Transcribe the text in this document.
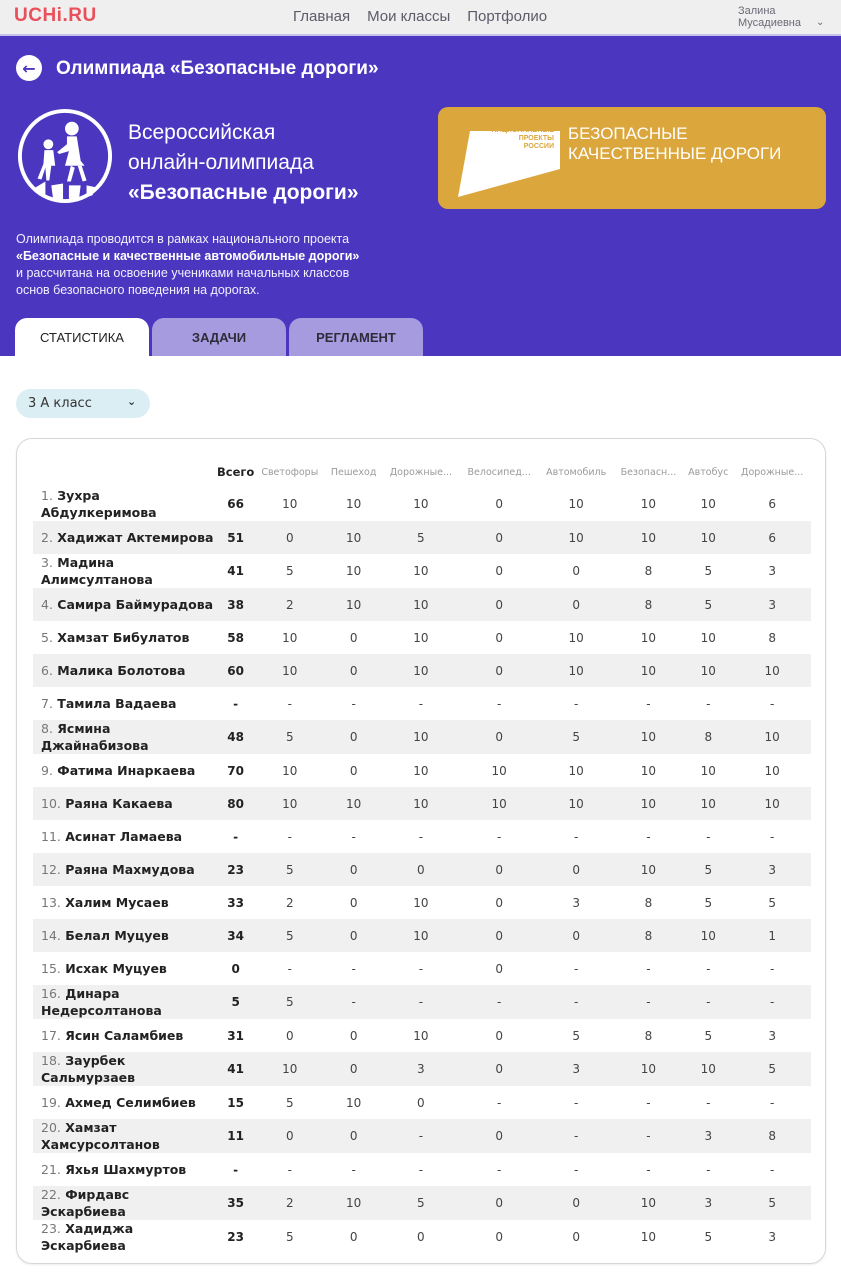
UCHi.RU	Главная Мои классы Портфолио	Залина
Мусадиевна ⌄
← Олимпиада «Безопасные дороги»
Всероссийская
онлайн-олимпиада
«Безопасные дороги»
НАЦИОНАЛЬНЫЕ
ПРОЕКТЫ
РОССИИ
БЕЗОПАСНЫЕ
КАЧЕСТВЕННЫЕ ДОРОГИ
Олимпиада проводится в рамках национального проекта
«Безопасные и качественные автомобильные дороги»
и рассчитана на освоение учениками начальных классов
основ безопасного поведения на дорогах.
СТАТИСТИКА	ЗАДАЧИ	РЕГЛАМЕНТ
3 А класс	⌄
	Всего	Светофоры	Пешеход	Дорожные...	Велосипед...	Автомобиль	Безопасн...	Автобус	Дорожные...
1. Зухра Абдулкеримова	66	10	10	10	0	10	10	10	6
2. Хадижат Актемирова	51	0	10	5	0	10	10	10	6
3. Мадина Алимсултанова	41	5	10	10	0	0	8	5	3
4. Самира Баймурадова	38	2	10	10	0	0	8	5	3
5. Хамзат Бибулатов	58	10	0	10	0	10	10	10	8
6. Малика Болотова	60	10	0	10	0	10	10	10	10
7. Тамила Вадаева	-	-	-	-	-	-	-	-	-
8. Ясмина Джайнабизова	48	5	0	10	0	5	10	8	10
9. Фатима Инаркаева	70	10	0	10	10	10	10	10	10
10. Раяна Какаева	80	10	10	10	10	10	10	10	10
11. Асинат Ламаева	-	-	-	-	-	-	-	-	-
12. Раяна Махмудова	23	5	0	0	0	0	10	5	3
13. Халим Мусаев	33	2	0	10	0	3	8	5	5
14. Белал Муцуев	34	5	0	10	0	0	8	10	1
15. Исхак Муцуев	0	-	-	-	0	-	-	-	-
16. Динара Недерсолтанова	5	5	-	-	-	-	-	-	-
17. Ясин Саламбиев	31	0	0	10	0	5	8	5	3
18. Заурбек Сальмурзаев	41	10	0	3	0	3	10	10	5
19. Ахмед Селимбиев	15	5	10	0	-	-	-	-	-
20. Хамзат Хамсурсолтанов	11	0	0	-	0	-	-	3	8
21. Яхья Шахмуртов	-	-	-	-	-	-	-	-	-
22. Фирдавс Эскарбиева	35	2	10	5	0	0	10	3	5
23. Хадиджа Эскарбиева	23	5	0	0	0	0	10	5	3
